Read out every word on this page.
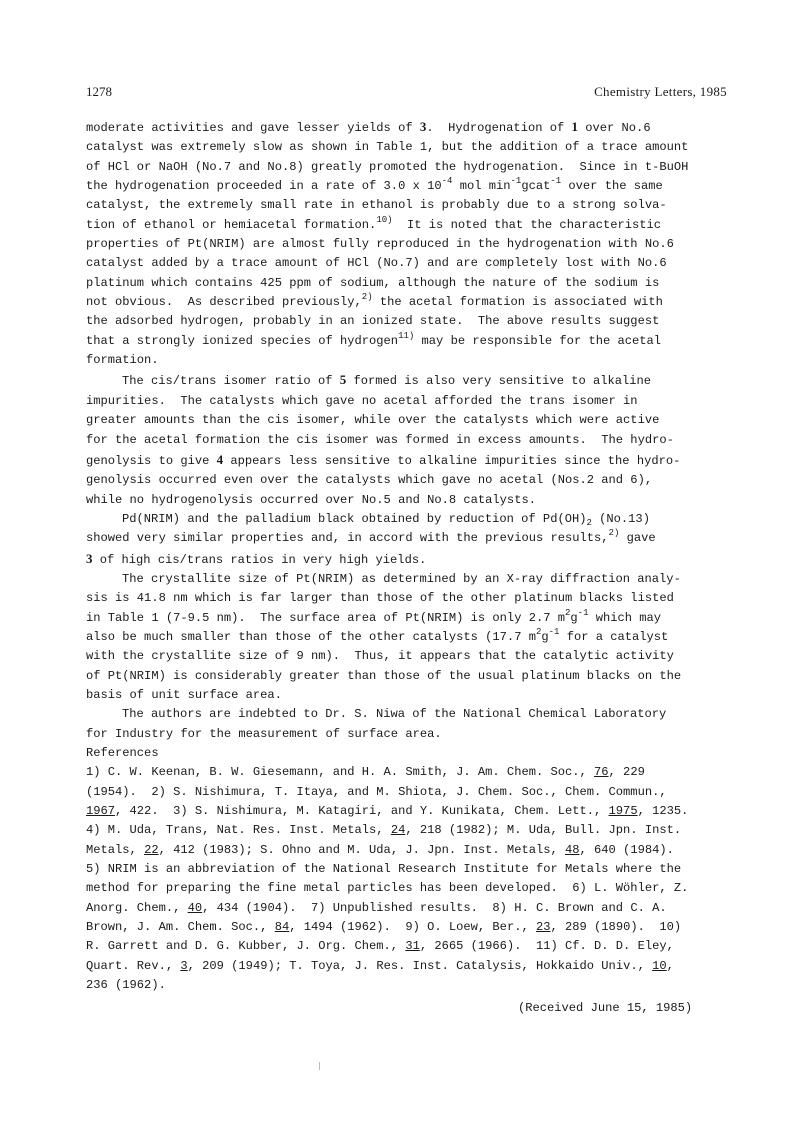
1278	Chemistry Letters, 1985
moderate activities and gave lesser yields of 3.  Hydrogenation of 1 over No.6
catalyst was extremely slow as shown in Table 1, but the addition of a trace amount
of HCl or NaOH (No.7 and No.8) greatly promoted the hydrogenation.  Since in t-BuOH
the hydrogenation proceeded in a rate of 3.0 x $10^{-4}$ mol $\min^{-1}gcat^{-1}$ over the same
catalyst, the extremely small rate in ethanol is probably due to a strong solva-
tion of ethanol or hemiacetal formation.$^{10)}$  It is noted that the characteristic
properties of Pt(NRIM) are almost fully reproduced in the hydrogenation with No.6
catalyst added by a trace amount of HCl (No.7) and are completely lost with No.6
platinum which contains 425 ppm of sodium, although the nature of the sodium is
not obvious.  As described previously,$^{2)}$ the acetal formation is associated with
the adsorbed hydrogen, probably in an ionized state.  The above results suggest
that a strongly ionized species of hydrogen$^{11)}$ may be responsible for the acetal
formation.
The cis/trans isomer ratio of 5 formed is also very sensitive to alkaline
impurities.  The catalysts which gave no acetal afforded the trans isomer in
greater amounts than the cis isomer, while over the catalysts which were active
for the acetal formation the cis isomer was formed in excess amounts.  The hydro-
genolysis to give 4 appears less sensitive to alkaline impurities since the hydro-
genolysis occurred even over the catalysts which gave no acetal (Nos.2 and 6),
while no hydrogenolysis occurred over No.5 and No.8 catalysts.
Pd(NRIM) and the palladium black obtained by reduction of $Pd(OH)_2$ (No.13)
showed very similar properties and, in accord with the previous results,$^{2)}$ gave
3 of high cis/trans ratios in very high yields.
The crystallite size of Pt(NRIM) as determined by an X-ray diffraction analy-
sis is 41.8 nm which is far larger than those of the other platinum blacks listed
in Table 1 (7-9.5 nm).  The surface area of Pt(NRIM) is only 2.7 $m^2g^{-1}$ which may
also be much smaller than those of the other catalysts (17.7 $m^2g^{-1}$ for a catalyst
with the crystallite size of 9 nm).  Thus, it appears that the catalytic activity
of Pt(NRIM) is considerably greater than those of the usual platinum blacks on the
basis of unit surface area.
The authors are indebted to Dr. S. Niwa of the National Chemical Laboratory
for Industry for the measurement of surface area.
References
1) C. W. Keenan, B. W. Giesemann, and H. A. Smith, J. Am. Chem. Soc., 76, 229
(1954).  2) S. Nishimura, T. Itaya, and M. Shiota, J. Chem. Soc., Chem. Commun.,
1967, 422.  3) S. Nishimura, M. Katagiri, and Y. Kunikata, Chem. Lett., 1975, 1235.
4) M. Uda, Trans, Nat. Res. Inst. Metals, 24, 218 (1982); M. Uda, Bull. Jpn. Inst.
Metals, 22, 412 (1983); S. Ohno and M. Uda, J. Jpn. Inst. Metals, 48, 640 (1984).
5) NRIM is an abbreviation of the National Research Institute for Metals where the
method for preparing the fine metal particles has been developed.  6) L. Wöhler, Z.
Anorg. Chem., 40, 434 (1904).  7) Unpublished results.  8) H. C. Brown and C. A.
Brown, J. Am. Chem. Soc., 84, 1494 (1962).  9) O. Loew, Ber., 23, 289 (1890).  10)
R. Garrett and D. G. Kubber, J. Org. Chem., 31, 2665 (1966).  11) Cf. D. D. Eley,
Quart. Rev., 3, 209 (1949); T. Toya, J. Res. Inst. Catalysis, Hokkaido Univ., 10,
236 (1962).
(Received June 15, 1985)
